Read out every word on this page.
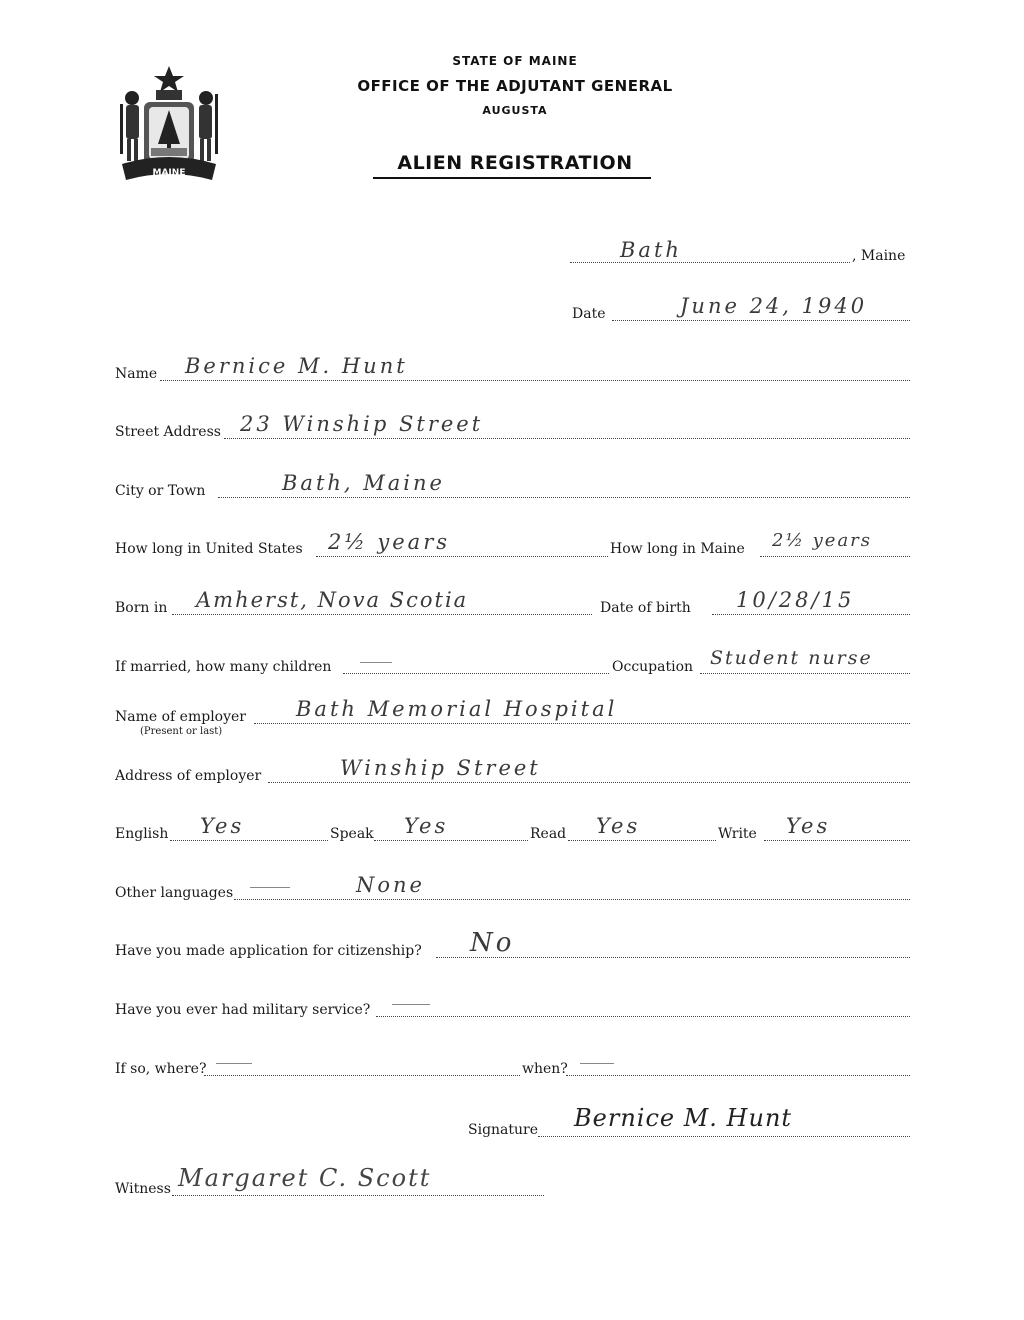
MAINE
STATE OF MAINE
OFFICE OF THE ADJUTANT GENERAL
AUGUSTA
ALIEN REGISTRATION
Bath	, Maine
Date	June 24, 1940
Name Bernice M. Hunt
Street Address 23 Winship Street
City or Town	Bath, Maine
How long in United States 2½ years	How long in Maine 2½ years
Born in Amherst, Nova Scotia	Date of birth 10/28/15
If married, how many children	Occupation Student nurse
Name of employer
(Present or last)
Bath Memorial Hospital
Address of employer	Winship Street
English Yes	Speak Yes	Read Yes	Write Yes
Other languages	None
Have you made application for citizenship? No
Have you ever had military service?
If so, where?	when?
Signature Bernice M. Hunt
Witness Margaret C. Scott
